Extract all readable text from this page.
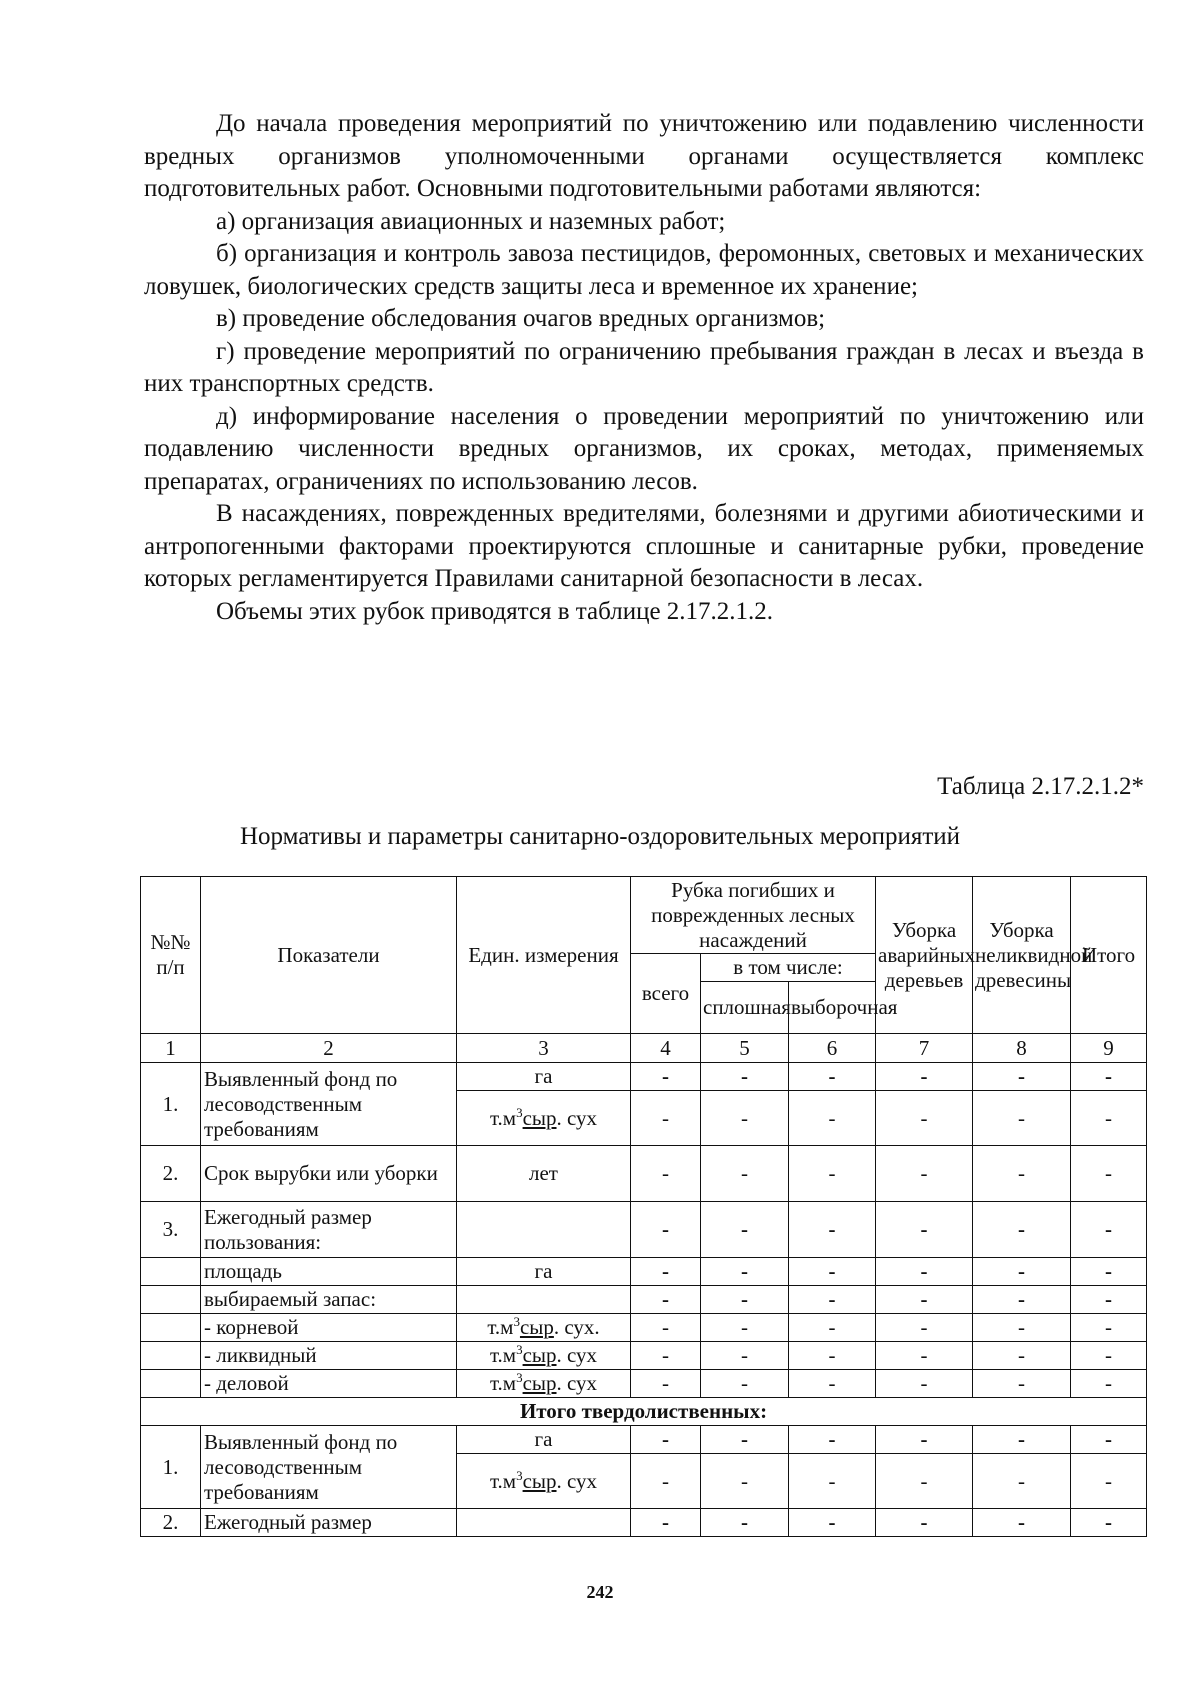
До начала проведения мероприятий по уничтожению или подавлению численности вредных организмов уполномоченными органами осуществляется комплекс подготовительных работ. Основными подготовительными работами являются:

а) организация авиационных и наземных работ;

б) организация и контроль завоза пестицидов, феромонных, световых и механических ловушек, биологических средств защиты леса и временное их хранение;

в) проведение обследования очагов вредных организмов;

г) проведение мероприятий по ограничению пребывания граждан в лесах и въезда в них транспортных средств.

д) информирование населения о проведении мероприятий по уничтожению или подавлению численности вредных организмов, их сроках, методах, применяемых препаратах, ограничениях по использованию лесов.

В насаждениях, поврежденных вредителями, болезнями и другими абиотическими и антропогенными факторами проектируются сплошные и санитарные рубки, проведение которых регламентируется Правилами санитарной безопасности в лесах.

Объемы этих рубок приводятся в таблице 2.17.2.1.2.

Таблица 2.17.2.1.2*
Нормативы и параметры санитарно-оздоровительных мероприятий
№№ п/п	Показатели	Един. измерения	Рубка погибших и поврежденных лесных насаждений			Уборка аварийных деревьев	Уборка неликвидной древесины	Итого
			всего	в том числе:				
				сплошная	выборочная			
1	2	3	4	5	6	7	8	9
1.	Выявленный фонд по лесоводственным требованиям	га	-	-	-	-	-	-
		$т.м^3сыр$. сух	-	-	-	-	-	-
2.	Срок вырубки или уборки	лет	-	-	-	-	-	-
3.	Ежегодный размер пользования:		-	-	-	-	-	-
	площадь	га	-	-	-	-	-	-
	выбираемый запас:		-	-	-	-	-	-
	- корневой	$т.м^3сыр$. сух.	-	-	-	-	-	-
	- ликвидный	$т.м^3сыр$. сух	-	-	-	-	-	-
	- деловой	$т.м^3сыр$. сух	-	-	-	-	-	-
Итого твердолиственных:								
1.	Выявленный фонд по лесоводственным требованиям	га	-	-	-	-	-	-
		$т.м^3сыр$. сух	-	-	-	-	-	-
2.	Ежегодный размер		-	-	-	-	-	-
242
